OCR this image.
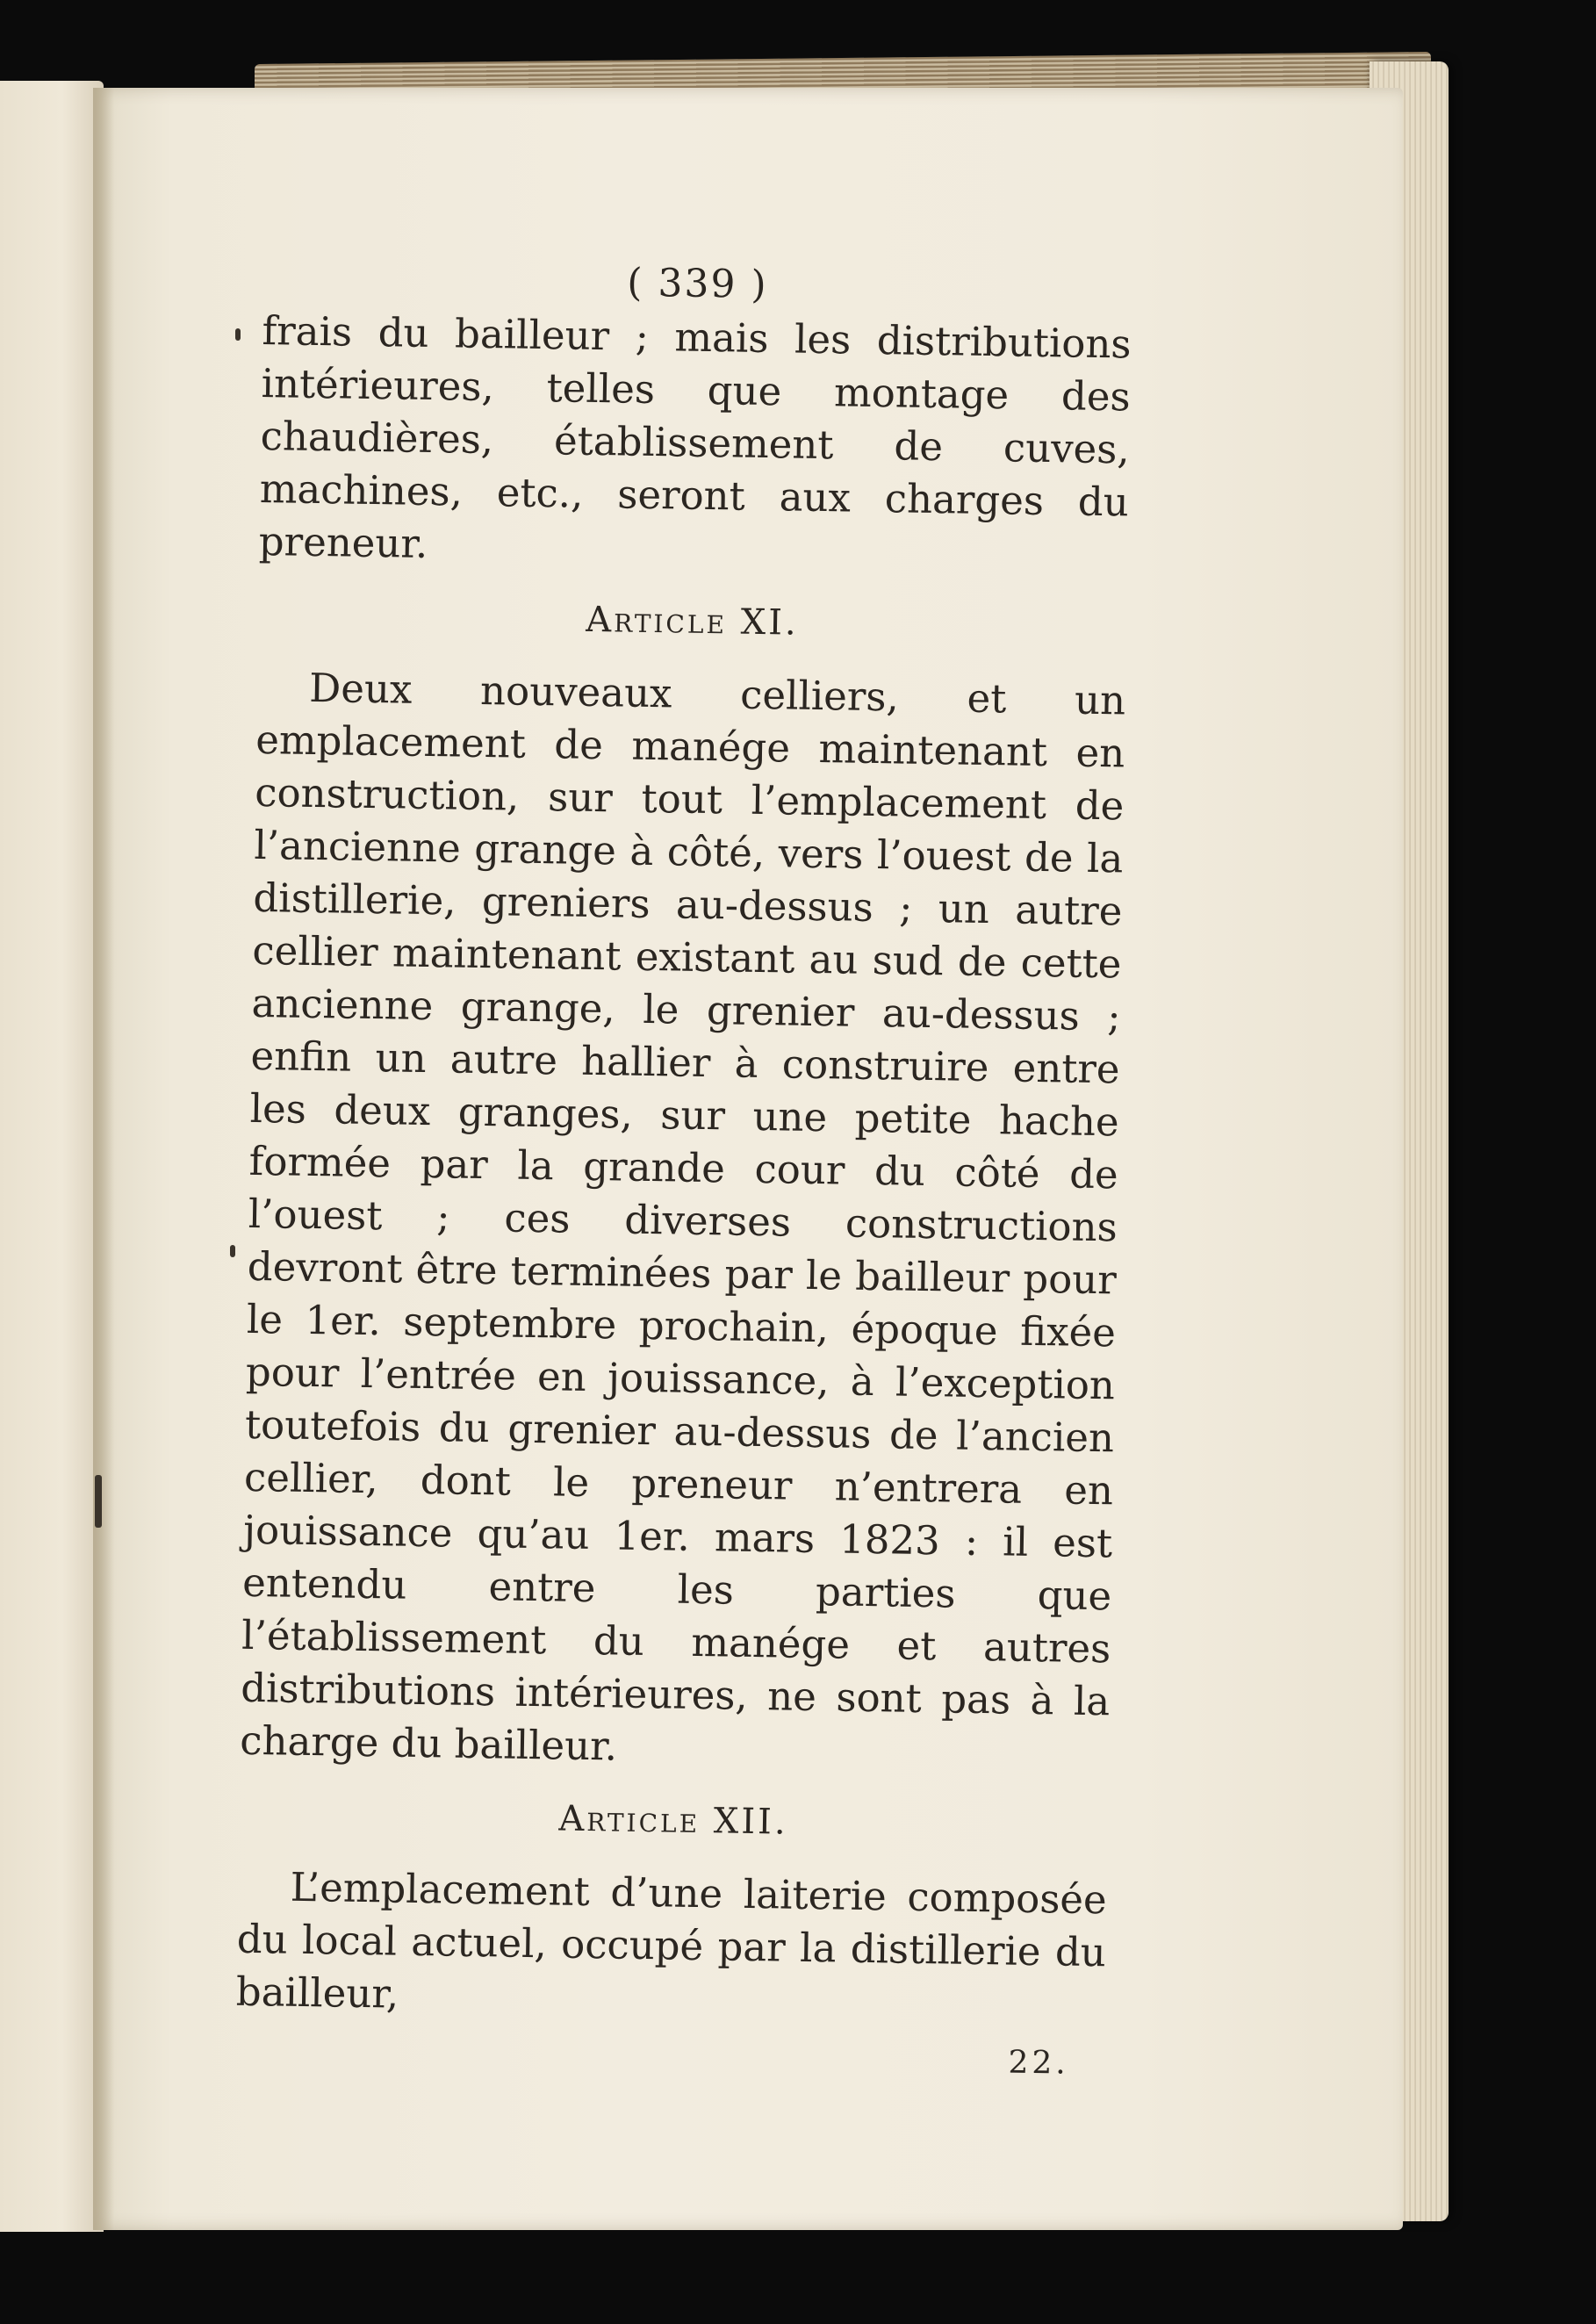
( 339 )

frais du bailleur ; mais les distributions intérieures, telles que montage des chaudières, établissement de cuves, machines, etc., seront aux charges du preneur.

Article XI.

Deux nouveaux celliers, et un emplacement de manége maintenant en construction, sur tout l’emplacement de l’ancienne grange à côté, vers l’ouest de la distillerie, greniers au-dessus ; un autre cellier maintenant existant au sud de cette ancienne grange, le grenier au-dessus ; enfin un autre hallier à construire entre les deux granges, sur une petite hache formée par la grande cour du côté de l’ouest ; ces diverses constructions devront être terminées par le bailleur pour le 1er. septembre prochain, époque fixée pour l’entrée en jouissance, à l’exception toutefois du grenier au-dessus de l’ancien cellier, dont le preneur n’entrera en jouissance qu’au 1er. mars 1823 : il est entendu entre les parties que l’établissement du manége et autres distributions intérieures, ne sont pas à la charge du bailleur.

Article XII.

L’emplacement d’une laiterie composée du local actuel, occupé par la distillerie du bailleur,

22.
